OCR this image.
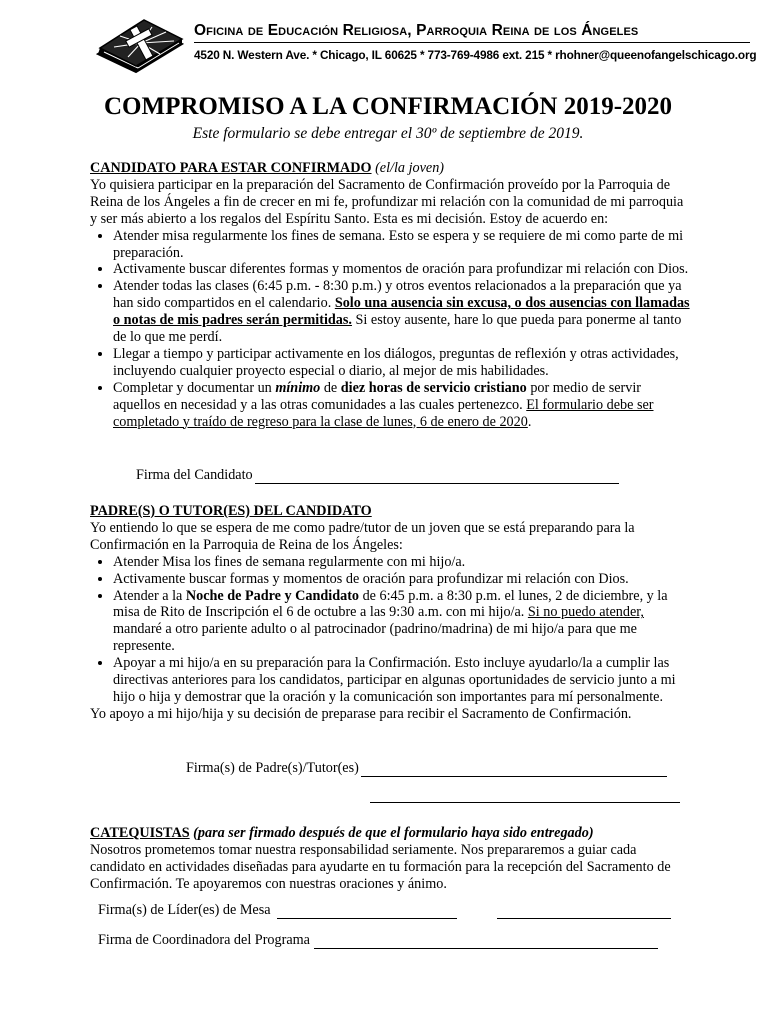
Oficina de Educación Religiosa, Parroquia Reina de los Ángeles
4520 N. Western Ave. * Chicago, IL 60625 * 773-769-4986 ext. 215 * rhohner@queenofangelschicago.org
COMPROMISO A LA CONFIRMACIÓN 2019-2020
Este formulario se debe entregar el 30º de septiembre de 2019.

CANDIDATO PARA ESTAR CONFIRMADO (el/la joven)

Yo quisiera participar en la preparación del Sacramento de Confirmación proveído por la Parroquia de Reina de los Ángeles a fin de crecer en mi fe, profundizar mi relación con la comunidad de mi parroquia y ser más abierto a los regalos del Espíritu Santo. Esta es mi decisión. Estoy de acuerdo en:

• Atender misa regularmente los fines de semana. Esto se espera y se requiere de mi como parte de mi preparación.
• Activamente buscar diferentes formas y momentos de oración para profundizar mi relación con Dios.
• Atender todas las clases (6:45 p.m. - 8:30 p.m.) y otros eventos relacionados a la preparación que ya han sido compartidos en el calendario. Solo una ausencia sin excusa, o dos ausencias con llamadas o notas de mis padres serán permitidas. Si estoy ausente, hare lo que pueda para ponerme al tanto de lo que me perdí.
• Llegar a tiempo y participar activamente en los diálogos, preguntas de reflexión y otras actividades, incluyendo cualquier proyecto especial o diario, al mejor de mis habilidades.
• Completar y documentar un mínimo de diez horas de servicio cristiano por medio de servir aquellos en necesidad y a las otras comunidades a las cuales pertenezco. El formulario debe ser completado y traído de regreso para la clase de lunes, 6 de enero de 2020.
Firma del Candidato

PADRE(S) O TUTOR(ES) DEL CANDIDATO

Yo entiendo lo que se espera de me como padre/tutor de un joven que se está preparando para la Confirmación en la Parroquia de Reina de los Ángeles:

• Atender Misa los fines de semana regularmente con mi hijo/a.
• Activamente buscar formas y momentos de oración para profundizar mi relación con Dios.
• Atender a la Noche de Padre y Candidato de 6:45 p.m. a 8:30 p.m. el lunes, 2 de diciembre, y la misa de Rito de Inscripción el 6 de octubre a las 9:30 a.m. con mi hijo/a. Si no puedo atender, mandaré a otro pariente adulto o al patrocinador (padrino/madrina) de mi hijo/a para que me represente.
• Apoyar a mi hijo/a en su preparación para la Confirmación. Esto incluye ayudarlo/la a cumplir las directivas anteriores para los candidatos, participar en algunas oportunidades de servicio junto a mi hijo o hija y demostrar que la oración y la comunicación son importantes para mí personalmente.

Yo apoyo a mi hijo/hija y su decisión de preparase para recibir el Sacramento de Confirmación.

Firma(s) de Padre(s)/Tutor(es)

CATEQUISTAS (para ser firmado después de que el formulario haya sido entregado)

Nosotros prometemos tomar nuestra responsabilidad seriamente. Nos prepararemos a guiar cada candidato en actividades diseñadas para ayudarte en tu formación para la recepción del Sacramento de Confirmación. Te apoyaremos con nuestras oraciones y ánimo.

Firma(s) de Líder(es) de Mesa
Firma de Coordinadora del Programa
